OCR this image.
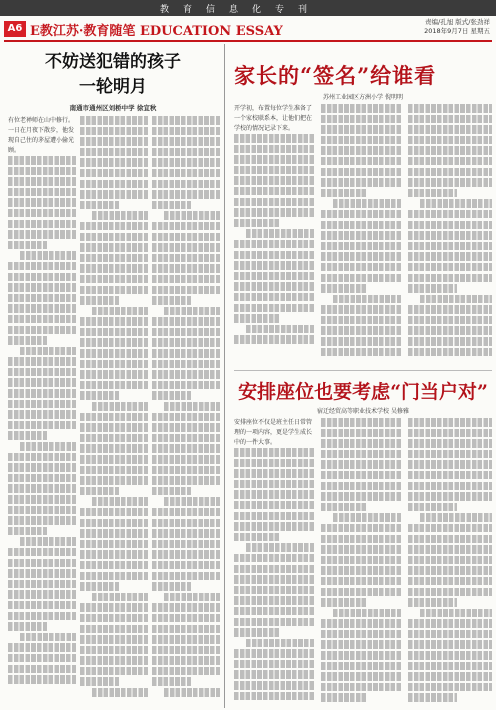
教育信息化专刊
A6 E教江苏·教育随笔 EDUCATION ESSAY
责编/孔旭 版式/张劲祥
2018年9月7日 星期五
不妨送犯错的孩子
一轮明月
南通市通州区刘桥中学 徐宜秋
有位老禅师在山中修行。一日在月夜下散步，他发现自己住的茅屋遭小偷光顾。
家长的“签名”给谁看
苏州工业园区方洲小学 倪明明
开学初，布置每位学生准备了一个家校联系本，让他们把在学校的情况记录下来。
安排座位也要考虑“门当户对”
宿迁经贸高等职业技术学校 吴修雅
安排座位不仅是班主任日常管理的一项内容，更是学生成长中的一件大事。
